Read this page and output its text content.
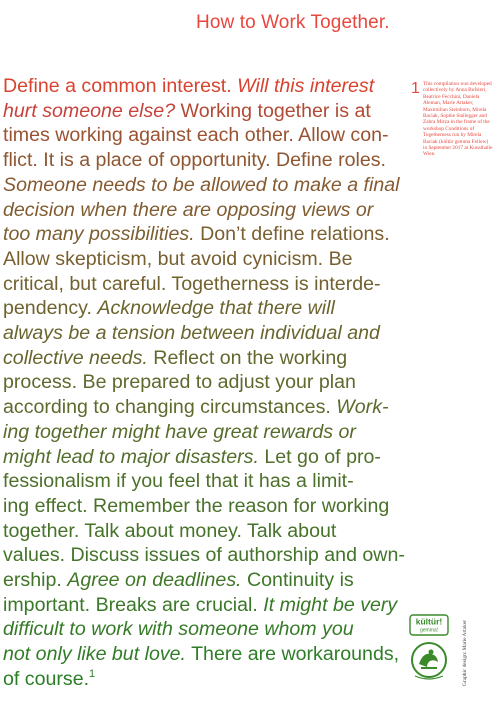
How to Work Together.

Define a common interest. Will this interest
hurt someone else? Working together is at
times working against each other. Allow con-
flict. It is a place of opportunity. Define roles.
Someone needs to be allowed to make a final
decision when there are opposing views or
too many possibilities. Don’t define relations.
Allow skepticism, but avoid cynicism. Be
critical, but careful. Togetherness is interde-
pendency. Acknowledge that there will
always be a tension between individual and
collective needs. Reflect on the working
process. Be prepared to adjust your plan
according to changing circumstances. Work-
ing together might have great rewards or
might lead to major disasters. Let go of pro-
fessionalism if you feel that it has a limit-
ing effect. Remember the reason for working
together. Talk about money. Talk about
values. Discuss issues of authorship and own-
ership. Agree on deadlines. Continuity is
important. Breaks are crucial. It might be very
difficult to work with someone whom you
not only like but love. There are workarounds,
of course.$^1$

1 This compilation was developed collectively by Anna Bufsleri, Beatrice Fecchini, Daniela Aleman, Marie Artaker, Maximilian Steinborn, Mirela Baciak, Sophie Stallegger and Zahra Mirza in the frame of the workshop Conditions of Togetherness run by Mirela Baciak (kültür gemma Fellow) in September 2017 at Kunsthalle Wien.

kültür!
gemma!	Graphic design: Marie Artaker
